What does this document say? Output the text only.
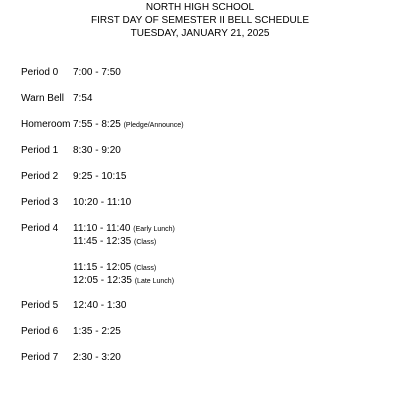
NORTH HIGH SCHOOL
FIRST DAY OF SEMESTER II BELL SCHEDULE
TUESDAY, JANUARY 21, 2025
Period 0 7:00 - 7:50
Warn Bell 7:54
Homeroom 7:55 - 8:25 (Pledge/Announce)
Period 1 8:30 - 9:20
Period 2 9:25 - 10:15
Period 3 10:20 - 11:10
Period 4 11:10 - 11:40 (Early Lunch)
11:45 - 12:35 (Class)
11:15 - 12:05 (Class)
12:05 - 12:35 (Late Lunch)
Period 5 12:40 - 1:30
Period 6 1:35 - 2:25
Period 7 2:30 - 3:20
